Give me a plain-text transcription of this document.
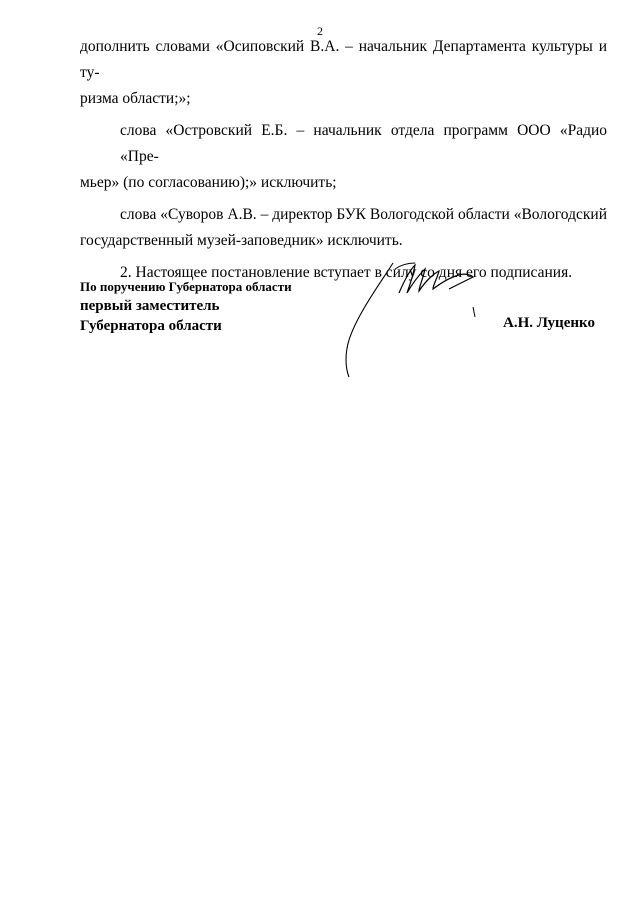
2
дополнить словами «Осиповский В.А. – начальник Департамента культуры и ту-
ризма области;»;
слова «Островский Е.Б. – начальник отдела программ ООО «Радио «Пре-
мьер» (по согласованию);» исключить;
слова «Суворов А.В. – директор БУК Вологодской области «Вологодский
государственный музей-заповедник» исключить.
2. Настоящее постановление вступает в силу со дня его подписания.
По поручению Губернатора области
первый заместитель
Губернатора области	А.Н. Луценко
